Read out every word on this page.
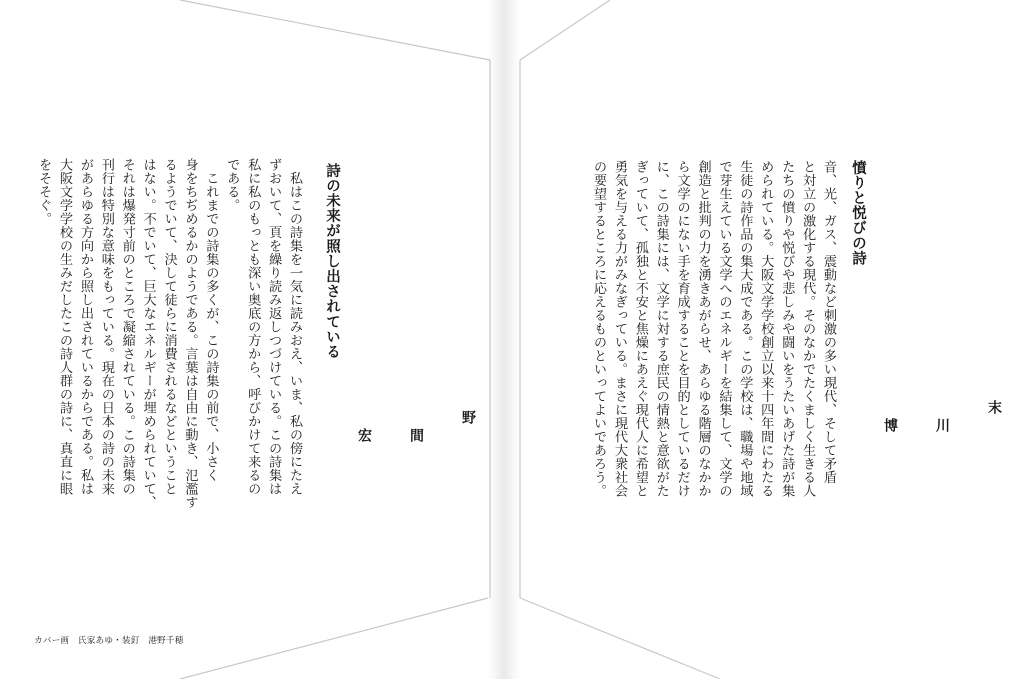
憤りと悦びの詩

末

川

博

音、光、ガス、震動など刺激の多い現代、そして矛盾
と対立の激化する現代。そのなかでたくましく生きる人
たちの憤りや悦びや悲しみや闘いをうたいあげた詩が集
められている。大阪文学学校創立以来十四年間にわたる
生徒の詩作品の集大成である。この学校は、職場や地域
で芽生えている文学へのエネルギーを結集して、文学の
創造と批判の力を湧きあがらせ、あらゆる階層のなかか
ら文学のにない手を育成することを目的としているだけ
に、この詩集には、文学に対する庶民の情熱と意欲がた
ぎっていて、孤独と不安と焦燥にあえぐ現代人に希望と
勇気を与える力がみなぎっている。まさに現代大衆社会
の要望するところに応えるものといってよいであろう。
詩の未来が照し出されている

野

間

宏

　私はこの詩集を一気に読みおえ、いま、私の傍にたえ
ずおいて、頁を繰り読み返しつづけている。この詩集は
私に私のもっとも深い奥底の方から、呼びかけて来るの
である。
　これまでの詩集の多くが、この詩集の前で、小さく
身をちぢめるかのようである。言葉は自由に動き、氾濫す
るようでいて、決して徒らに消費されるなどということ
はない。不でいて、巨大なエネルギーが埋められていて、
それは爆発寸前のところで凝縮されている。この詩集の
刊行は特別な意味をもっている。現在の日本の詩の未来
があらゆる方向から照し出されているからである。私は
大阪文学学校の生みだしたこの詩人群の詩に、真直に眼
をそそぐ。
カバー画　氏家あゆ・装釘　港野千穂
